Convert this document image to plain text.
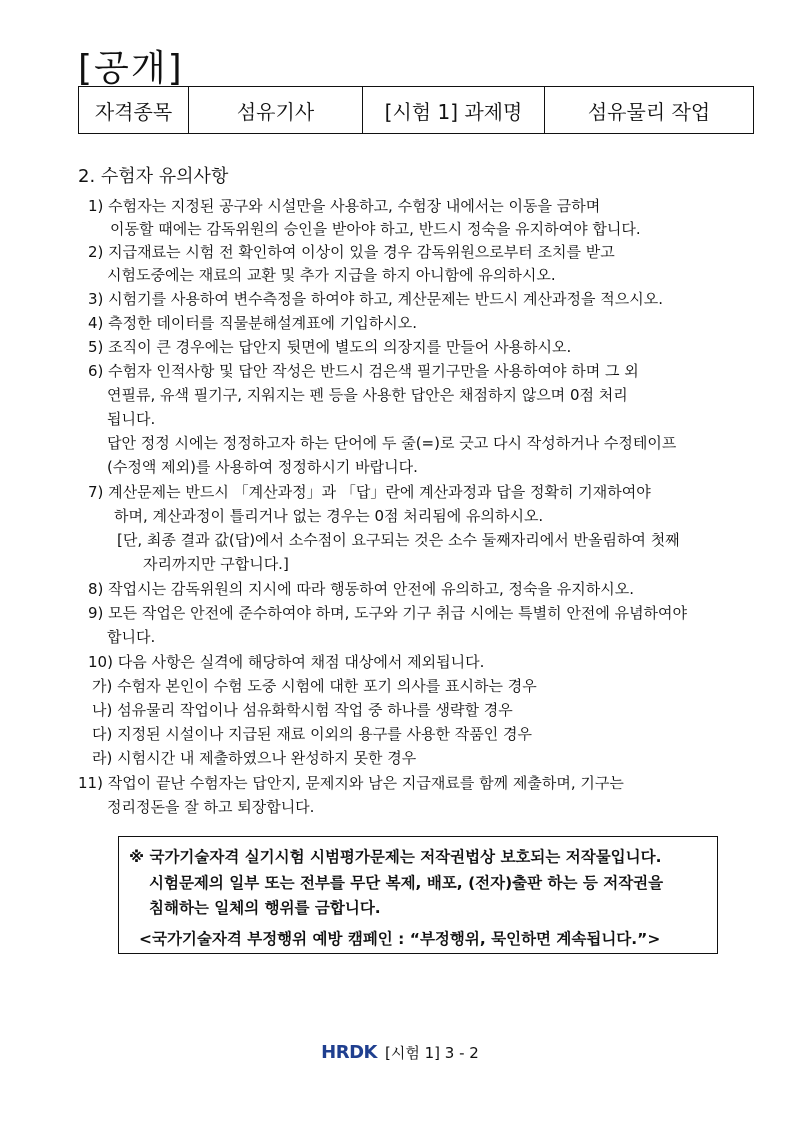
[공개]
자격종목	섬유기사	[시험 1] 과제명	섬유물리 작업
2. 수험자 유의사항
1) 수험자는 지정된 공구와 시설만을 사용하고, 수험장 내에서는 이동을 금하며
이동할 때에는 감독위원의 승인을 받아야 하고, 반드시 정숙을 유지하여야 합니다.
2) 지급재료는 시험 전 확인하여 이상이 있을 경우 감독위원으로부터 조치를 받고
시험도중에는 재료의 교환 및 추가 지급을 하지 아니함에 유의하시오.
3) 시험기를 사용하여 변수측정을 하여야 하고, 계산문제는 반드시 계산과정을 적으시오.
4) 측정한 데이터를 직물분해설계표에 기입하시오.
5) 조직이 큰 경우에는 답안지 뒷면에 별도의 의장지를 만들어 사용하시오.
6) 수험자 인적사항 및 답안 작성은 반드시 검은색 필기구만을 사용하여야 하며 그 외
연필류, 유색 필기구, 지워지는 펜 등을 사용한 답안은 채점하지 않으며 0점 처리
됩니다.
답안 정정 시에는 정정하고자 하는 단어에 두 줄(=)로 긋고 다시 작성하거나 수정테이프
(수정액 제외)를 사용하여 정정하시기 바랍니다.
7) 계산문제는 반드시 「계산과정」과 「답」란에 계산과정과 답을 정확히 기재하여야
하며, 계산과정이 틀리거나 없는 경우는 0점 처리됨에 유의하시오.
[단, 최종 결과 값(답)에서 소수점이 요구되는 것은 소수 둘째자리에서 반올림하여 첫째
자리까지만 구합니다.]
8) 작업시는 감독위원의 지시에 따라 행동하여 안전에 유의하고, 정숙을 유지하시오.
9) 모든 작업은 안전에 준수하여야 하며, 도구와 기구 취급 시에는 특별히 안전에 유념하여야
합니다.
10) 다음 사항은 실격에 해당하여 채점 대상에서 제외됩니다.
가) 수험자 본인이 수험 도중 시험에 대한 포기 의사를 표시하는 경우
나) 섬유물리 작업이나 섬유화학시험 작업 중 하나를 생략할 경우
다) 지정된 시설이나 지급된 재료 이외의 용구를 사용한 작품인 경우
라) 시험시간 내 제출하였으나 완성하지 못한 경우
11) 작업이 끝난 수험자는 답안지, 문제지와 남은 지급재료를 함께 제출하며, 기구는
정리정돈을 잘 하고 퇴장합니다.
※ 국가기술자격 실기시험 시범평가문제는 저작권법상 보호되는 저작물입니다.
시험문제의 일부 또는 전부를 무단 복제, 배포, (전자)출판 하는 등 저작권을
침해하는 일체의 행위를 금합니다.
<국가기술자격 부정행위 예방 캠페인 : “부정행위, 묵인하면 계속됩니다.”>
HRDK [시험 1] 3 - 2
